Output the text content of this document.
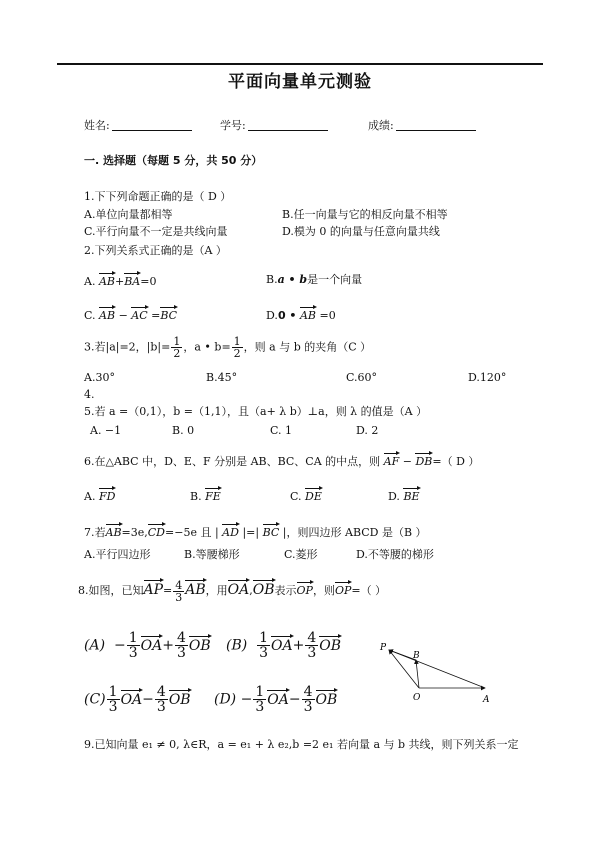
平面向量单元测验
姓名:	学号:	成绩:
一. 选择题（每题 5 分，共 50 分）
1.下下列命题正确的是（ D ）
A.单位向量都相等	B.任一向量与它的相反向量不相等
C.平行向量不一定是共线向量	D.模为 0 的向量与任意向量共线
2.下列关系式正确的是（A ）
A. AB+BA=0	B.a • b是一个向量
C. AB − AC =BC	D.0 • AB =0
3.若|a|=2，$|b|= \frac{1}{2}$ ，a • $b= \frac{1}{2}$ ，则 a 与 b 的夹角（C ）
A.30°	B.45°	C.60°	D.120°
4.
5.若 a =（0,1），b =（1,1），且（a+ λ b）⊥a，则 λ 的值是（A ）
A. −1	B. 0	C. 1	D. 2
6.在△ABC 中，D、E、F 分别是 AB、BC、CA 的中点，则 AF − DB=（ D ）
A. FD	B. FE	C. DE	D. BE
7.若AB=3e,CD=−5e 且 | AD |=| BC |，则四边形 ABCD 是（B ）
A.平行四边形	B.等腰梯形	C.菱形	D.不等腰的梯形
8.如图，已知$AP= \frac{4}{3}$ AB，用OA,OB表示OP，则OP=（ ）
$(A) - \frac{1}{3} OA+ \frac{4}{3}$ OB $(B) \frac{1}{3} OA+ \frac{4}{3}$ OB
$(C) \frac{1}{3} OA- \frac{4}{3}$ OB $(D) - \frac{1}{3} OA- \frac{4}{3}$ OB
P
B
O	A
9.已知向量 e₁ ≠ 0, λ∈R，a = e₁ + λ e₂,b =2 e₁ 若向量 a 与 b 共线，则下列关系一定
